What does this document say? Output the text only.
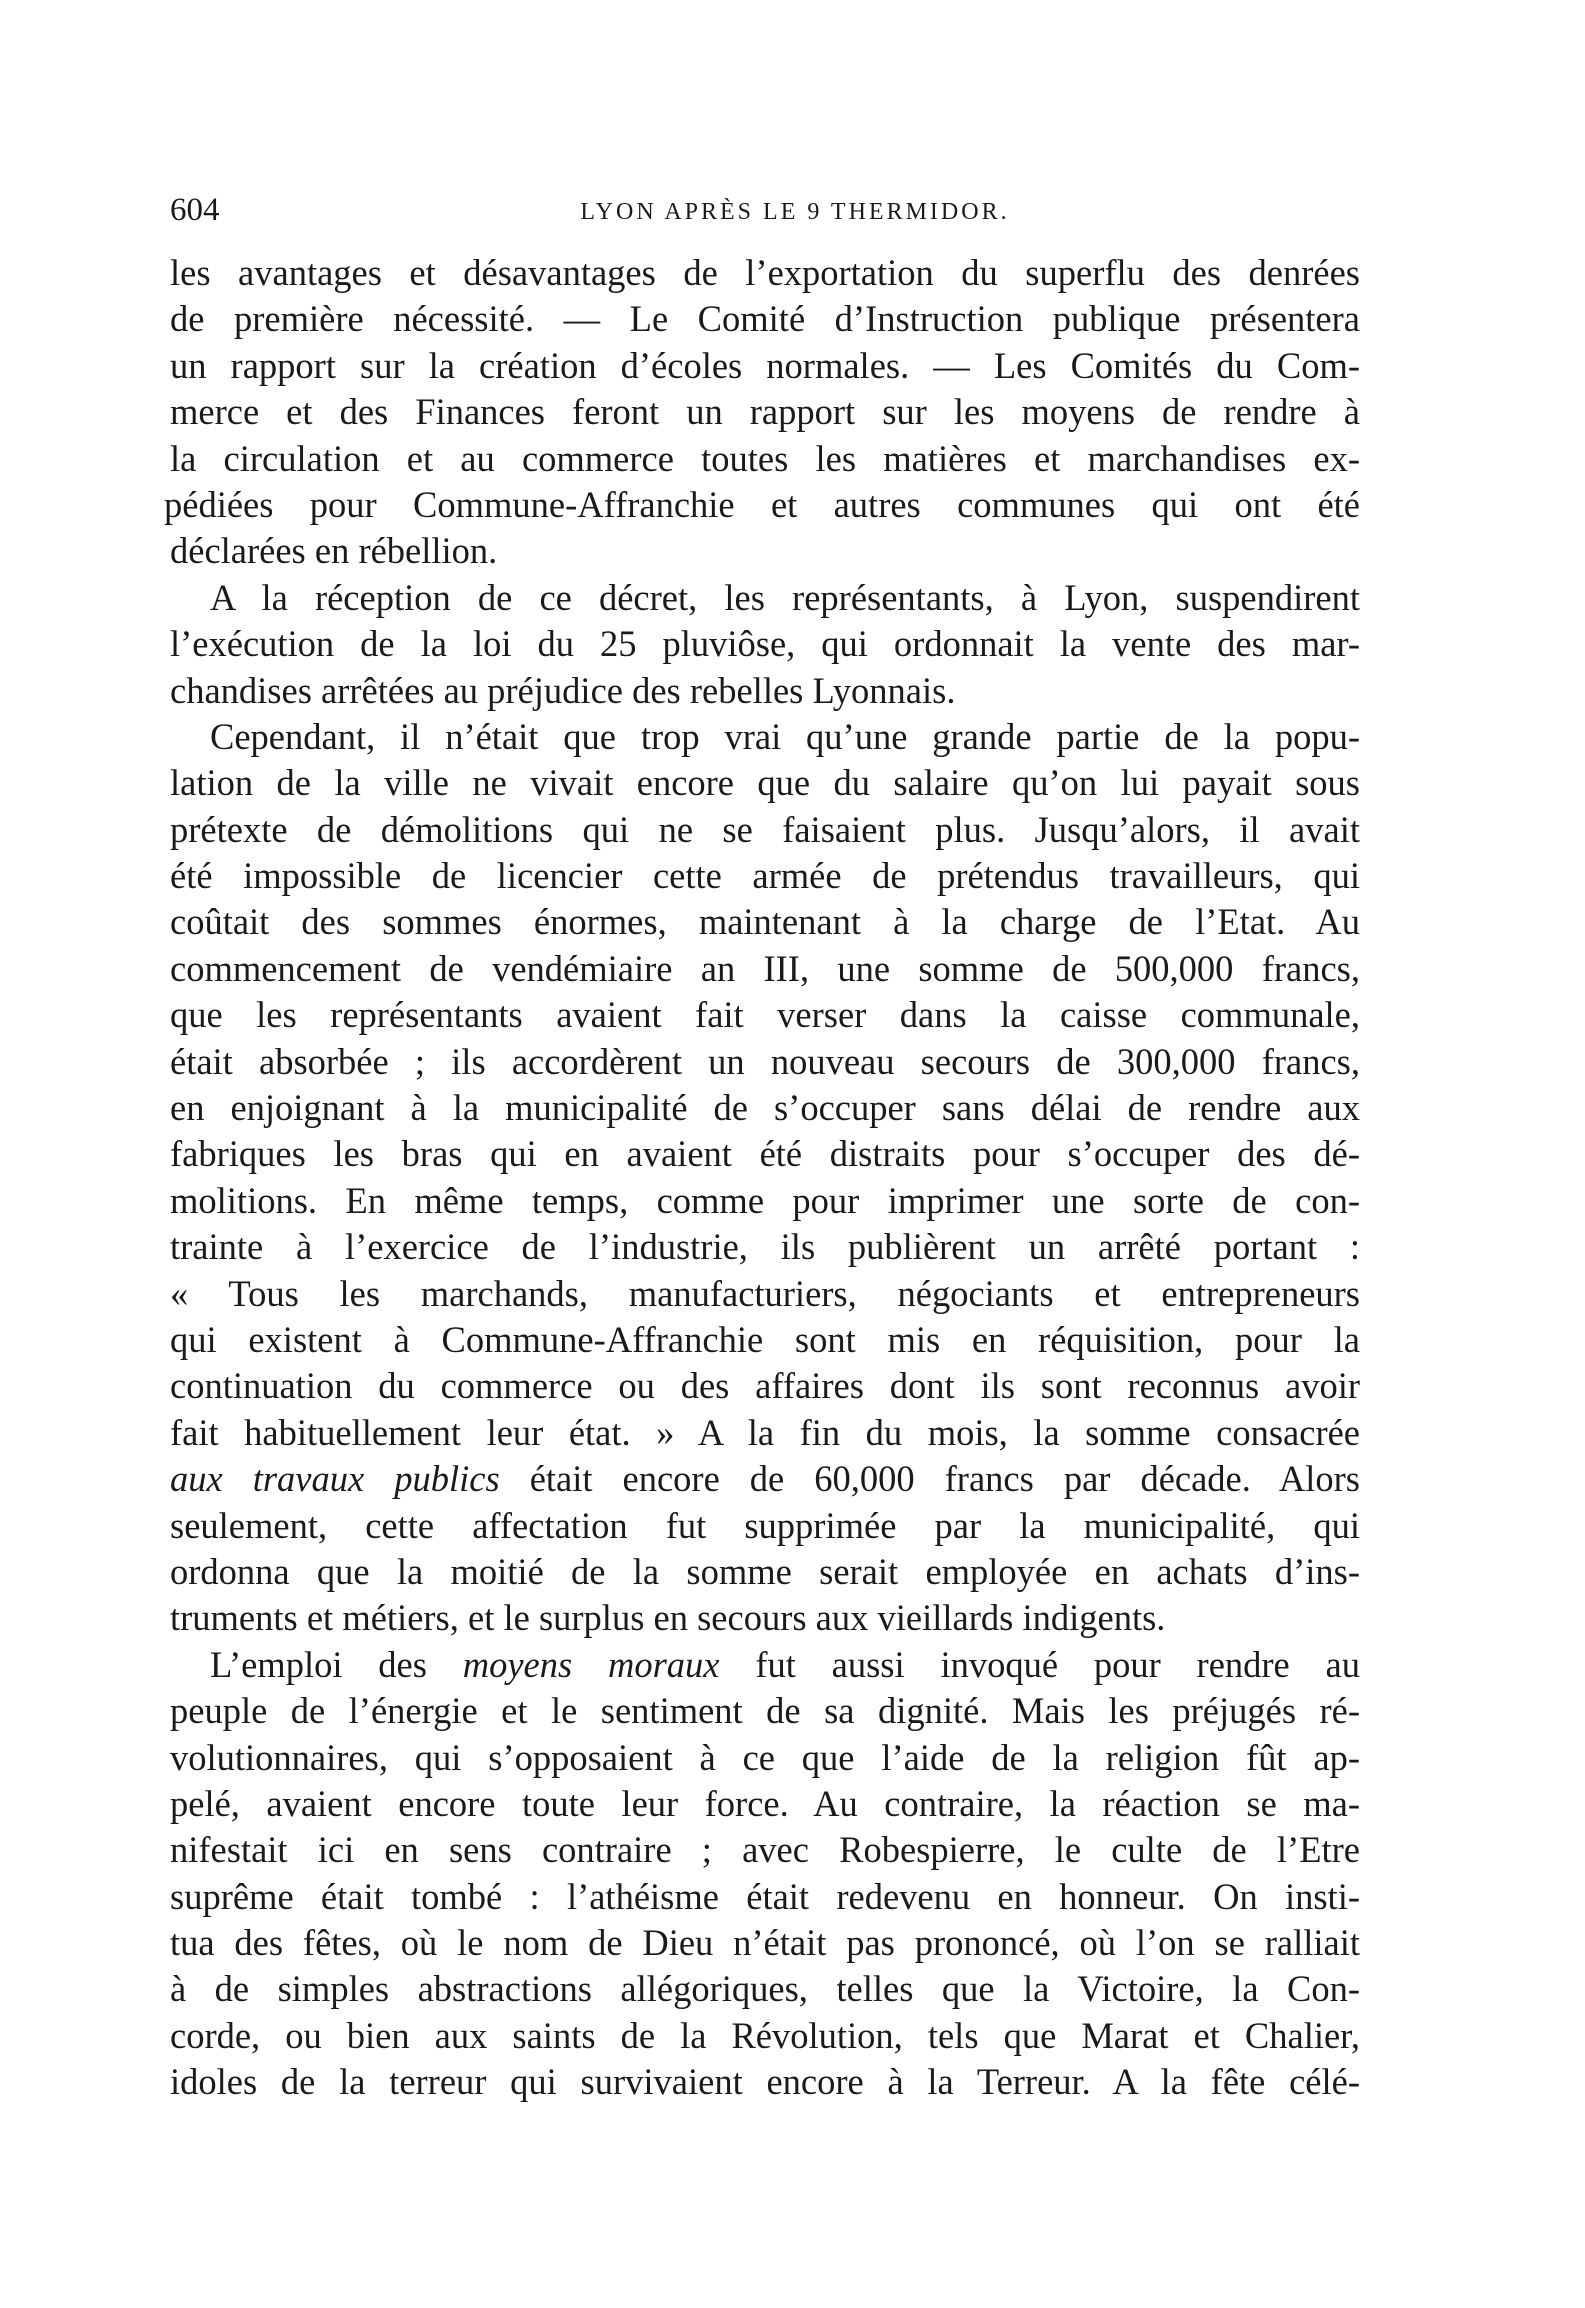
604	LYON APRÈS LE 9 THERMIDOR.
les avantages et désavantages de l’exportation du superflu des denrées
de première nécessité. — Le Comité d’Instruction publique présentera
un rapport sur la création d’écoles normales. — Les Comités du Com-
merce et des Finances feront un rapport sur les moyens de rendre à
la circulation et au commerce toutes les matières et marchandises ex-
pédiées pour Commune-Affranchie et autres communes qui ont été
déclarées en rébellion.
A la réception de ce décret, les représentants, à Lyon, suspendirent
l’exécution de la loi du 25 pluviôse, qui ordonnait la vente des mar-
chandises arrêtées au préjudice des rebelles Lyonnais.
Cependant, il n’était que trop vrai qu’une grande partie de la popu-
lation de la ville ne vivait encore que du salaire qu’on lui payait sous
prétexte de démolitions qui ne se faisaient plus. Jusqu’alors, il avait
été impossible de licencier cette armée de prétendus travailleurs, qui
coûtait des sommes énormes, maintenant à la charge de l’Etat. Au
commencement de vendémiaire an III, une somme de 500,000 francs,
que les représentants avaient fait verser dans la caisse communale,
était absorbée ; ils accordèrent un nouveau secours de 300,000 francs,
en enjoignant à la municipalité de s’occuper sans délai de rendre aux
fabriques les bras qui en avaient été distraits pour s’occuper des dé-
molitions. En même temps, comme pour imprimer une sorte de con-
trainte à l’exercice de l’industrie, ils publièrent un arrêté portant :
« Tous les marchands, manufacturiers, négociants et entrepreneurs
qui existent à Commune-Affranchie sont mis en réquisition, pour la
continuation du commerce ou des affaires dont ils sont reconnus avoir
fait habituellement leur état. » A la fin du mois, la somme consacrée
aux travaux publics était encore de 60,000 francs par décade. Alors
seulement, cette affectation fut supprimée par la municipalité, qui
ordonna que la moitié de la somme serait employée en achats d’ins-
truments et métiers, et le surplus en secours aux vieillards indigents.
L’emploi des moyens moraux fut aussi invoqué pour rendre au
peuple de l’énergie et le sentiment de sa dignité. Mais les préjugés ré-
volutionnaires, qui s’opposaient à ce que l’aide de la religion fût ap-
pelé, avaient encore toute leur force. Au contraire, la réaction se ma-
nifestait ici en sens contraire ; avec Robespierre, le culte de l’Etre
suprême était tombé : l’athéisme était redevenu en honneur. On insti-
tua des fêtes, où le nom de Dieu n’était pas prononcé, où l’on se ralliait
à de simples abstractions allégoriques, telles que la Victoire, la Con-
corde, ou bien aux saints de la Révolution, tels que Marat et Chalier,
idoles de la terreur qui survivaient encore à la Terreur. A la fête célé-
